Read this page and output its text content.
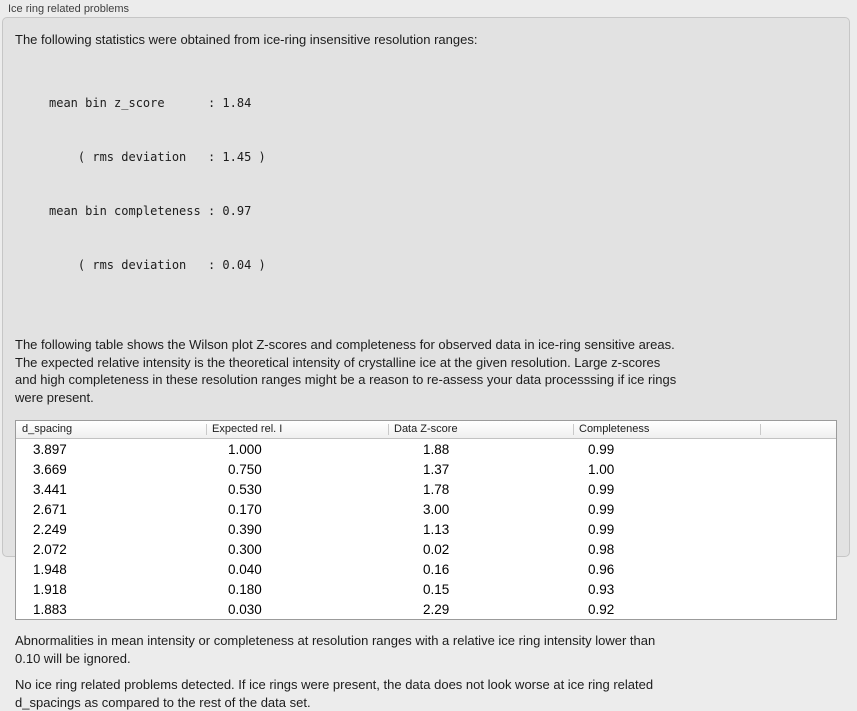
Ice ring related problems
The following statistics were obtained from ice-ring insensitive resolution ranges:

mean bin z_score      : 1.84

( rms deviation   : 1.45 )

mean bin completeness : 0.97

( rms deviation   : 0.04 )

The following table shows the Wilson plot Z-scores and completeness for observed data in ice-ring sensitive areas.
The expected relative intensity is the theoretical intensity of crystalline ice at the given resolution. Large z-scores
and high completeness in these resolution ranges might be a reason to re-assess your data processsing if ice rings
were present.
d_spacing	Expected rel. I	Data Z-score	Completeness
3.897	1.000	1.88	0.99
3.669	0.750	1.37	1.00
3.441	0.530	1.78	0.99
2.671	0.170	3.00	0.99
2.249	0.390	1.13	0.99
2.072	0.300	0.02	0.98
1.948	0.040	0.16	0.96
1.918	0.180	0.15	0.93
1.883	0.030	2.29	0.92
Abnormalities in mean intensity or completeness at resolution ranges with a relative ice ring intensity lower than
0.10 will be ignored.
No ice ring related problems detected. If ice rings were present, the data does not look worse at ice ring related
d_spacings as compared to the rest of the data set.
